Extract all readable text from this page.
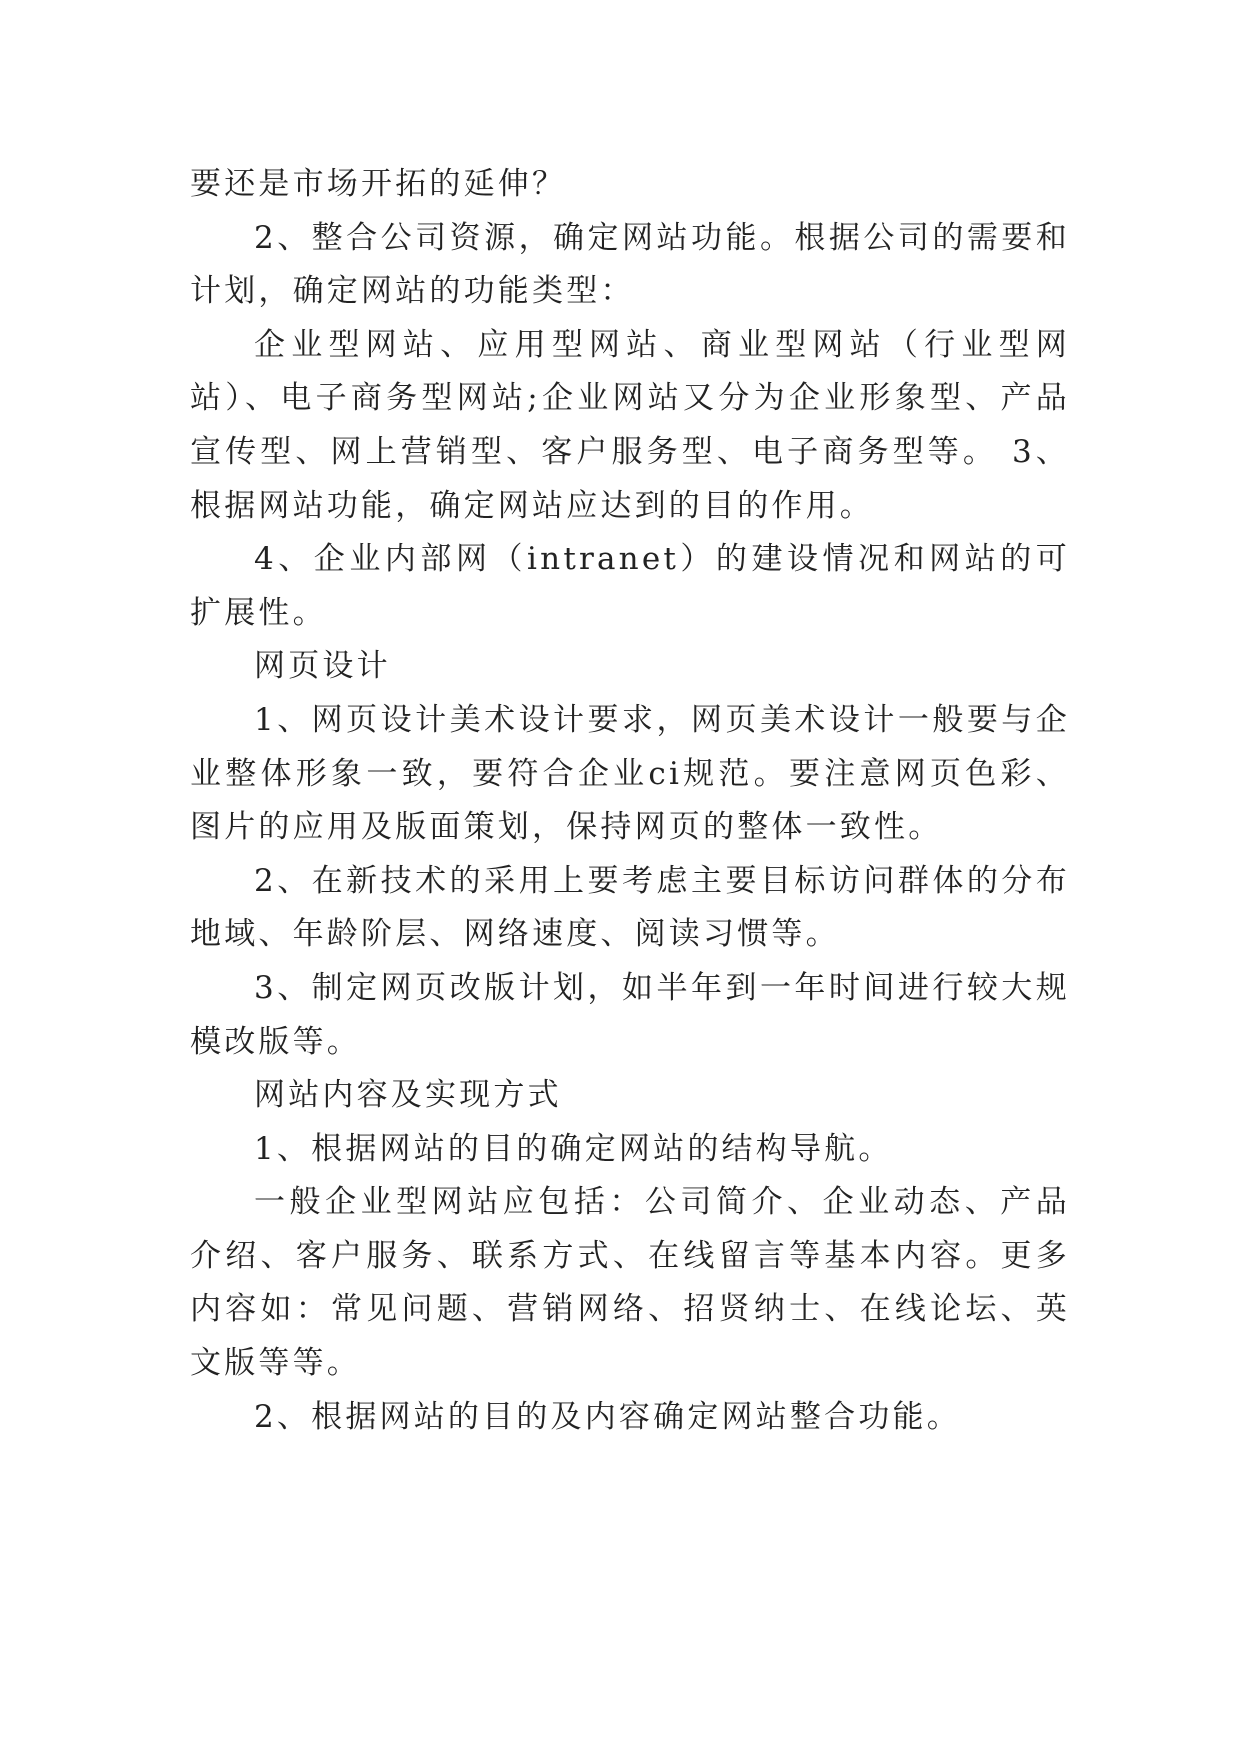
要还是市场开拓的延伸？

2、整合公司资源，确定网站功能。根据公司的需要和计划，确定网站的功能类型：

企业型网站、应用型网站、商业型网站（行业型网站）、电子商务型网站;企业网站又分为企业形象型、产品宣传型、网上营销型、客户服务型、电子商务型等。 3、根据网站功能，确定网站应达到的目的作用。

4、企业内部网（intranet）的建设情况和网站的可扩展性。

网页设计

1、网页设计美术设计要求，网页美术设计一般要与企业整体形象一致，要符合企业ci规范。要注意网页色彩、图片的应用及版面策划，保持网页的整体一致性。

2、在新技术的采用上要考虑主要目标访问群体的分布地域、年龄阶层、网络速度、阅读习惯等。

3、制定网页改版计划，如半年到一年时间进行较大规模改版等。

网站内容及实现方式

1、根据网站的目的确定网站的结构导航。

一般企业型网站应包括：公司简介、企业动态、产品介绍、客户服务、联系方式、在线留言等基本内容。更多内容如：常见问题、营销网络、招贤纳士、在线论坛、英文版等等。

2、根据网站的目的及内容确定网站整合功能。
